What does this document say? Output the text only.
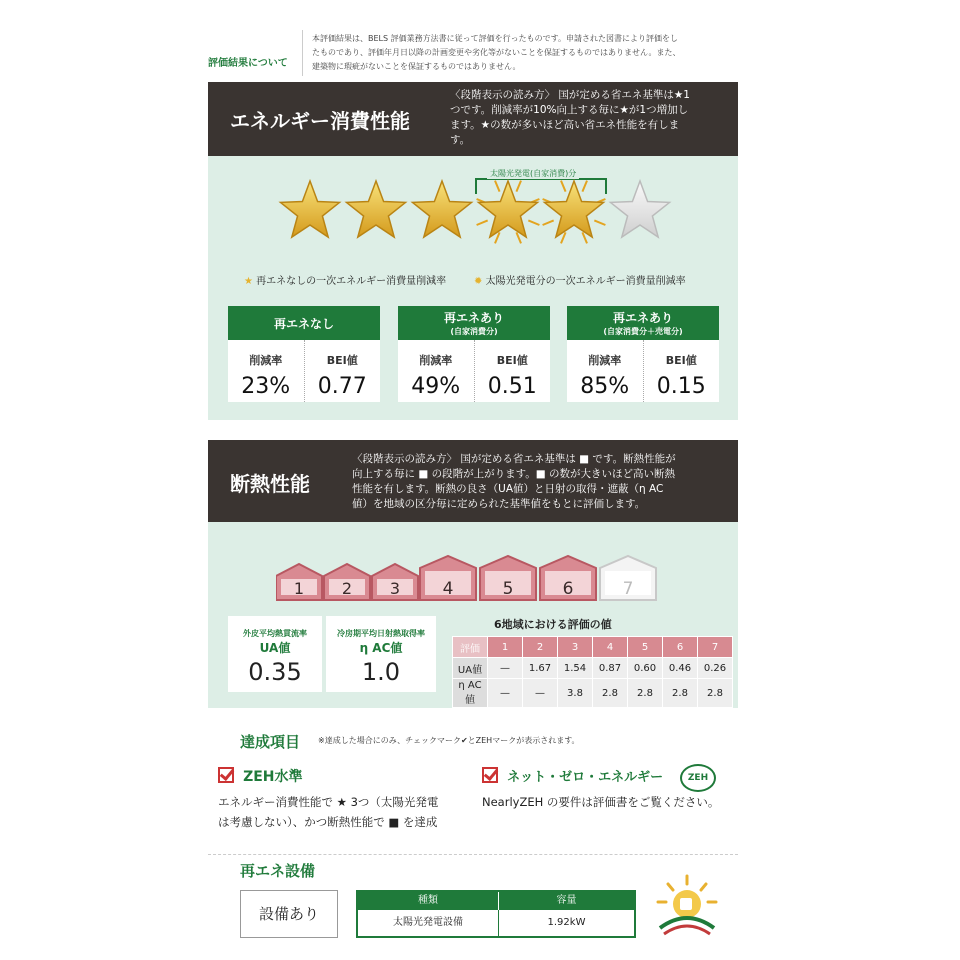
評価結果について
本評価結果は、BELS 評価業務方法書に従って評価を行ったものです。申請された図書により評価をし
たものであり、評価年月日以降の計画変更や劣化等がないことを保証するものではありません。また、
建築物に瑕疵がないことを保証するものではありません。
エネルギー消費性能
〈段階表示の読み方〉 国が定める省エネ基準は★1
つです。削減率が10%向上する毎に★が1つ増加し
ます。★の数が多いほど高い省エネ性能を有しま
す。
太陽光発電(自家消費)分
★ 再エネなしの一次エネルギー消費量削減率	✹ 太陽光発電分の一次エネルギー消費量削減率
再エネなし
削減率
23%
BEI値
0.77
再エネあり
(自家消費分)
削減率
49%
BEI値
0.51
再エネあり
(自家消費分＋売電分)
削減率
85%
BEI値
0.15
断熱性能
〈段階表示の読み方〉 国が定める省エネ基準は ■ です。断熱性能が
向上する毎に ■ の段階が上がります。■ の数が大きいほど高い断熱
性能を有します。断熱の良さ（UA値）と日射の取得・遮蔽（η AC
値）を地域の区分毎に定められた基準値をもとに評価します。
1 2 3 4	5	6	7
外皮平均熱貫流率
UA値
0.35
冷房期平均日射熱取得率
η AC値
1.0
6地域における評価の値
評価	1	2	3	4	5	6	7
UA値	—	1.67	1.54	0.87	0.60	0.46	0.26
η AC値	—	—	3.8	2.8	2.8	2.8	2.8
達成項目 ※達成した場合にのみ、チェックマーク✔とZEHマークが表示されます。
ZEH水準
エネルギー消費性能で ★ 3つ（太陽光発電
は考慮しない）、かつ断熱性能で ■ を達成
ネット・ゼロ・エネルギー	ZEH
NearlyZEH の要件は評価書をご覧ください。
再エネ設備
設備あり
種類	容量
太陽光発電設備	1.92kW
